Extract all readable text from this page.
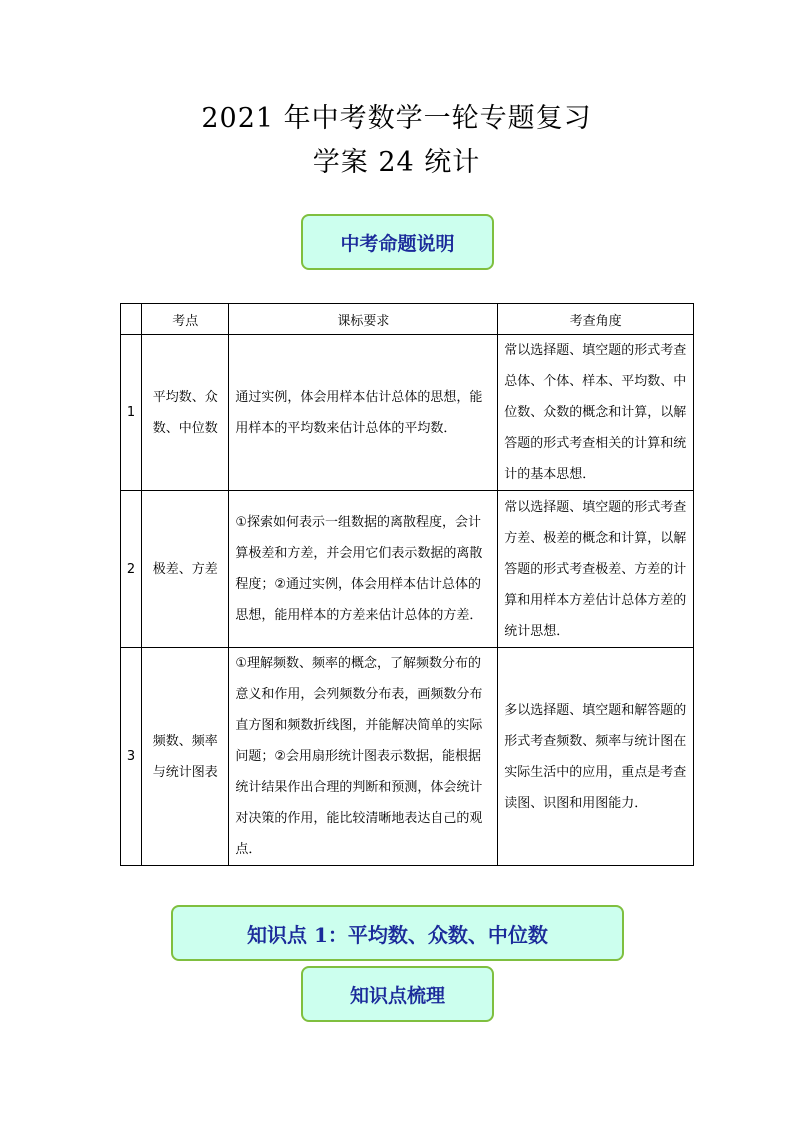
2021 年中考数学一轮专题复习
学案 24 统计
中考命题说明
	考点	课标要求	考查角度
1	平均数、众数、中位数	通过实例，体会用样本估计总体的思想，能用样本的平均数来估计总体的平均数．	常以选择题、填空题的形式考查总体、个体、样本、平均数、中位数、众数的概念和计算，以解答题的形式考查相关的计算和统计的基本思想．
2	极差、方差	①探索如何表示一组数据的离散程度，会计算极差和方差，并会用它们表示数据的离散程度；②通过实例，体会用样本估计总体的思想，能用样本的方差来估计总体的方差．	常以选择题、填空题的形式考查方差、极差的概念和计算，以解答题的形式考查极差、方差的计算和用样本方差估计总体方差的统计思想．
3	频数、频率与统计图表	①理解频数、频率的概念，了解频数分布的意义和作用，会列频数分布表，画频数分布直方图和频数折线图，并能解决简单的实际问题；②会用扇形统计图表示数据，能根据统计结果作出合理的判断和预测，体会统计对决策的作用，能比较清晰地表达自己的观点．	多以选择题、填空题和解答题的形式考查频数、频率与统计图在实际生活中的应用，重点是考查读图、识图和用图能力．
知识点 1：平均数、众数、中位数
知识点梳理
